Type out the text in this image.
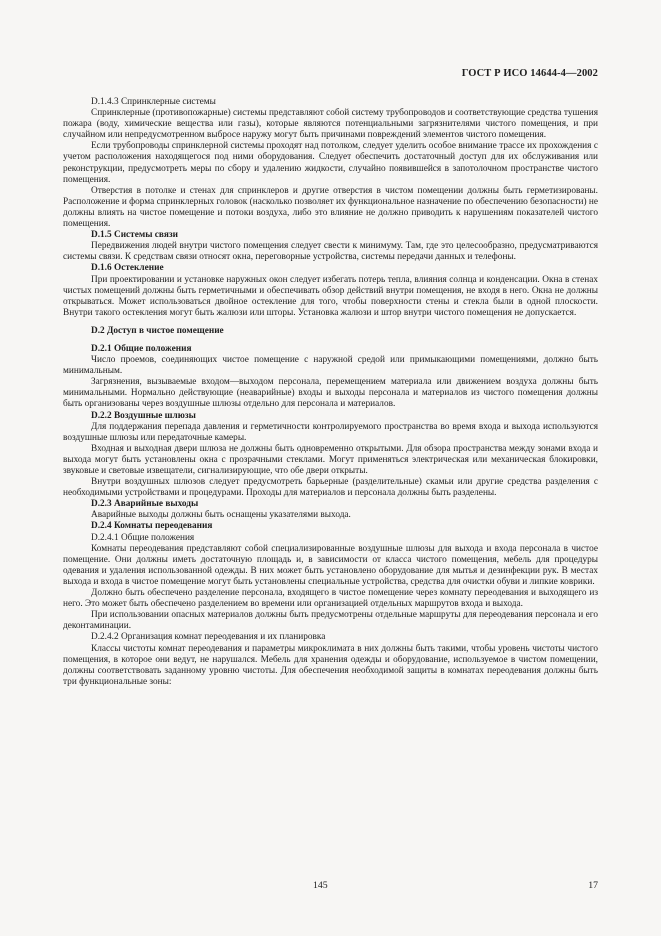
ГОСТ Р ИСО 14644-4—2002
D.1.4.3 Спринклерные системы

Спринклерные (противопожарные) системы представляют собой систему трубопроводов и соответствующие средства тушения пожара (воду, химические вещества или газы), которые являются потенциальными загрязнителями чистого помещения, и при случайном или непредусмотренном выбросе наружу могут быть причинами повреждений элементов чистого помещения.

Если трубопроводы спринклерной системы проходят над потолком, следует уделить особое внимание трассе их прохождения с учетом расположения находящегося под ними оборудования. Следует обеспечить достаточный доступ для их обслуживания или реконструкции, предусмотреть меры по сбору и удалению жидкости, случайно появившейся в запотолочном пространстве чистого помещения.

Отверстия в потолке и стенах для спринклеров и другие отверстия в чистом помещении должны быть герметизированы. Расположение и форма спринклерных головок (насколько позволяет их функциональное назначение по обеспечению безопасности) не должны влиять на чистое помещение и потоки воздуха, либо это влияние не должно приводить к нарушениям показателей чистого помещения.

D.1.5 Системы связи

Передвижения людей внутри чистого помещения следует свести к минимуму. Там, где это целесообразно, предусматриваются системы связи. К средствам связи относят окна, переговорные устройства, системы передачи данных и телефоны.

D.1.6 Остекление

При проектировании и установке наружных окон следует избегать потерь тепла, влияния солнца и конденсации. Окна в стенах чистых помещений должны быть герметичными и обеспечивать обзор действий внутри помещения, не входя в него. Окна не должны открываться. Может использоваться двойное остекление для того, чтобы поверхности стены и стекла были в одной плоскости. Внутри такого остекления могут быть жалюзи или шторы. Установка жалюзи и штор внутри чистого помещения не допускается.

D.2 Доступ в чистое помещение
D.2.1 Общие положения

Число проемов, соединяющих чистое помещение с наружной средой или примыкающими помещениями, должно быть минимальным.

Загрязнения, вызываемые входом—выходом персонала, перемещением материала или движением воздуха должны быть минимальными. Нормально действующие (неаварийные) входы и выходы персонала и материалов из чистого помещения должны быть организованы через воздушные шлюзы отдельно для персонала и материалов.

D.2.2 Воздушные шлюзы

Для поддержания перепада давления и герметичности контролируемого пространства во время входа и выхода используются воздушные шлюзы или передаточные камеры.

Входная и выходная двери шлюза не должны быть одновременно открытыми. Для обзора пространства между зонами входа и выхода могут быть установлены окна с прозрачными стеклами. Могут применяться электрическая или механическая блокировки, звуковые и световые извещатели, сигнализирующие, что обе двери открыты.

Внутри воздушных шлюзов следует предусмотреть барьерные (разделительные) скамьи или другие средства разделения с необходимыми устройствами и процедурами. Проходы для материалов и персонала должны быть разделены.

D.2.3 Аварийные выходы

Аварийные выходы должны быть оснащены указателями выхода.

D.2.4 Комнаты переодевания
D.2.4.1 Общие положения

Комнаты переодевания представляют собой специализированные воздушные шлюзы для выхода и входа персонала в чистое помещение. Они должны иметь достаточную площадь и, в зависимости от класса чистого помещения, мебель для процедуры одевания и удаления использованной одежды. В них может быть установлено оборудование для мытья и дезинфекции рук. В местах выхода и входа в чистое помещение могут быть установлены специальные устройства, средства для очистки обуви и липкие коврики.

Должно быть обеспечено разделение персонала, входящего в чистое помещение через комнату переодевания и выходящего из него. Это может быть обеспечено разделением во времени или организацией отдельных маршрутов входа и выхода.

При использовании опасных материалов должны быть предусмотрены отдельные маршруты для переодевания персонала и его деконтаминации.

D.2.4.2 Организация комнат переодевания и их планировка

Классы чистоты комнат переодевания и параметры микроклимата в них должны быть такими, чтобы уровень чистоты чистого помещения, в которое они ведут, не нарушался. Мебель для хранения одежды и оборудование, используемое в чистом помещении, должны соответствовать заданному уровню чистоты. Для обеспечения необходимой защиты в комнатах переодевания должны быть три функциональные зоны:

145	17
